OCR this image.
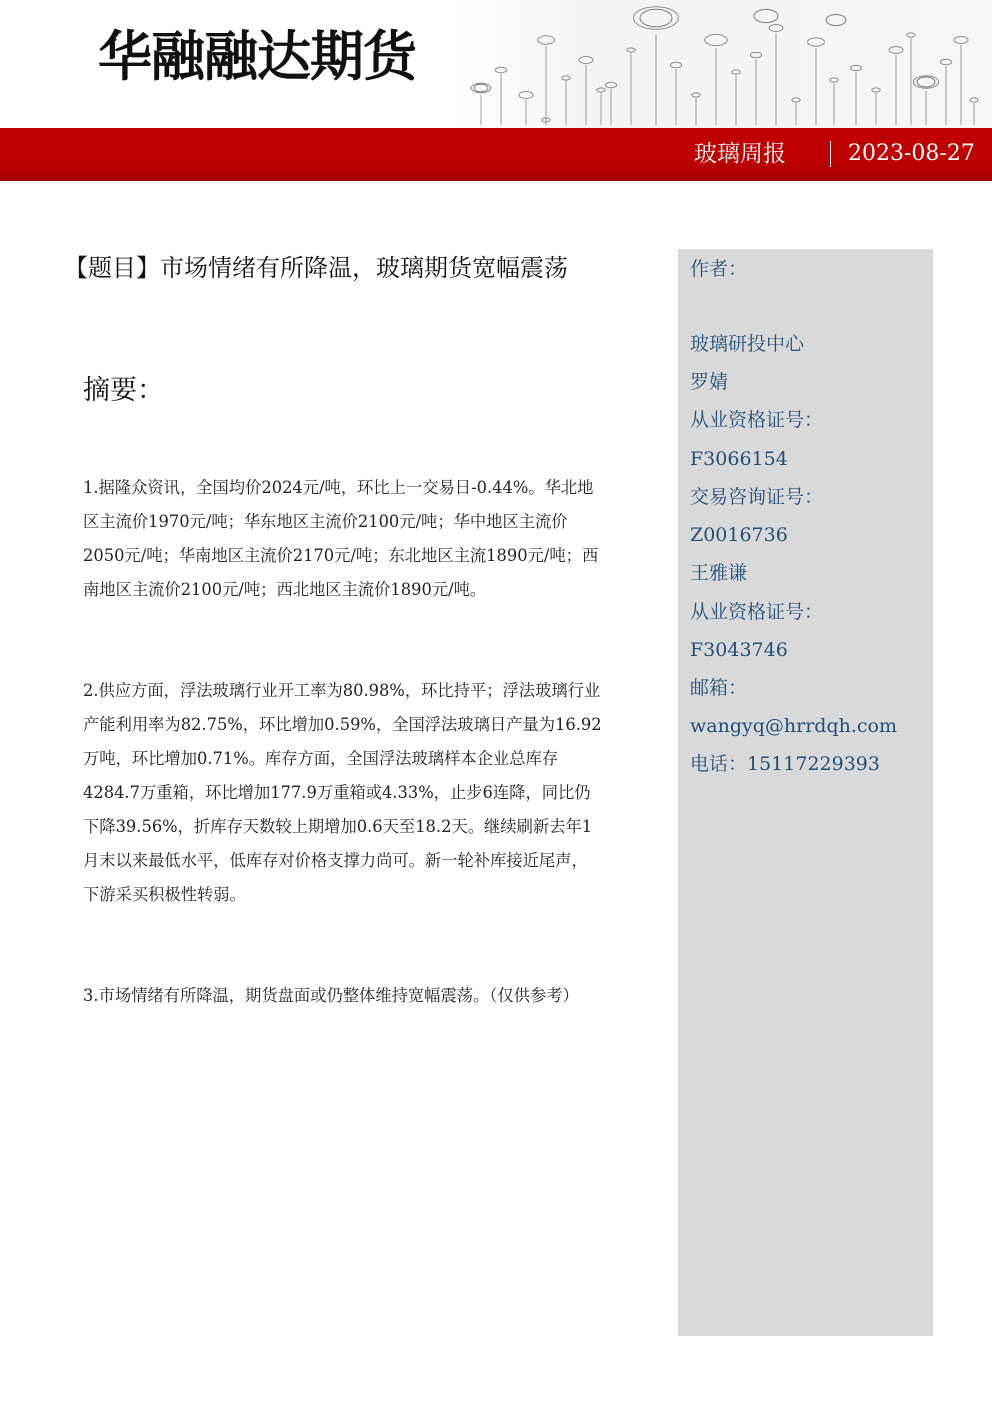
华融融达期货
玻璃周报	2023-08-27
【题目】市场情绪有所降温，玻璃期货宽幅震荡
摘要：

1.据隆众资讯，全国均价2024元/吨，环比上一交易日-0.44%。华北地区主流价1970元/吨；华东地区主流价2100元/吨；华中地区主流价2050元/吨；华南地区主流价2170元/吨；东北地区主流1890元/吨；西南地区主流价2100元/吨；西北地区主流价1890元/吨。

2.供应方面，浮法玻璃行业开工率为80.98%，环比持平；浮法玻璃行业产能利用率为82.75%，环比增加0.59%，全国浮法玻璃日产量为16.92万吨，环比增加0.71%。库存方面，全国浮法玻璃样本企业总库存4284.7万重箱，环比增加177.9万重箱或4.33%，止步6连降，同比仍下降39.56%，折库存天数较上期增加0.6天至18.2天。继续刷新去年1月末以来最低水平，低库存对价格支撑力尚可。新一轮补库接近尾声，下游采买积极性转弱。

3.市场情绪有所降温，期货盘面或仍整体维持宽幅震荡。（仅供参考）

作者：
玻璃研投中心
罗婧
从业资格证号：
F3066154
交易咨询证号：
Z0016736
王雅谦
从业资格证号：
F3043746
邮箱：
wangyq@hrrdqh.com
电话：15117229393
